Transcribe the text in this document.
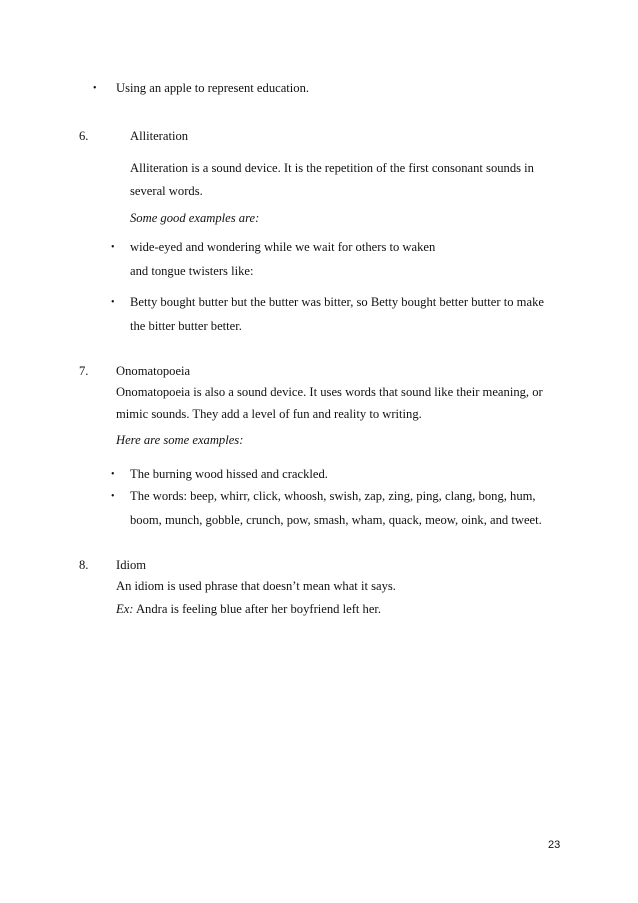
• Using an apple to represent education.
6.	Alliteration
Alliteration is a sound device. It is the repetition of the first consonant sounds in
several words.
Some good examples are:
• wide-eyed and wondering while we wait for others to waken
and tongue twisters like:
• Betty bought butter but the butter was bitter, so Betty bought better butter to make
the bitter butter better.
7. Onomatopoeia
Onomatopoeia is also a sound device. It uses words that sound like their meaning, or
mimic sounds. They add a level of fun and reality to writing.
Here are some examples:
• The burning wood hissed and crackled.
• The words: beep, whirr, click, whoosh, swish, zap, zing, ping, clang, bong, hum,
boom, munch, gobble, crunch, pow, smash, wham, quack, meow, oink, and tweet.
8. Idiom
An idiom is used phrase that doesn’t mean what it says.
Ex: Andra is feeling blue after her boyfriend left her.
23
